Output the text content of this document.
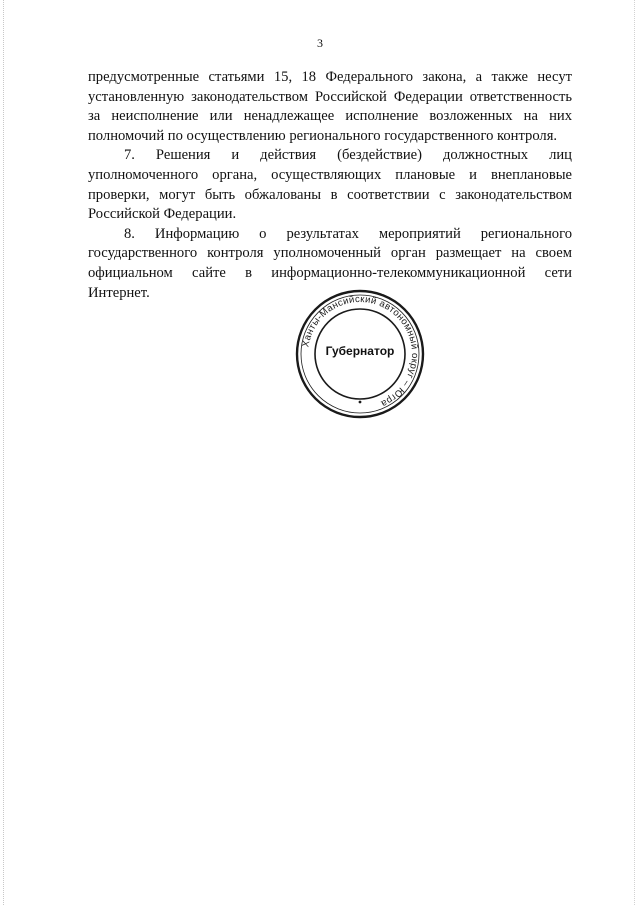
3

предусмотренные статьями 15, 18 Федерального закона, а также несут установленную законодательством Российской Федерации ответственность за неисполнение или ненадлежащее исполнение возложенных на них полномочий по осуществлению регионального государственного контроля.

7. Решения и действия (бездействие) должностных лиц уполномоченного органа, осуществляющих плановые и внеплановые проверки, могут быть обжалованы в соответствии с законодательством Российской Федерации.

8. Информацию о результатах мероприятий регионального государственного контроля уполномоченный орган размещает на своем официальном сайте в информационно-телекоммуникационной сети Интернет.

Ханты-Мансийский автономный округ – Югра
Губернатор
